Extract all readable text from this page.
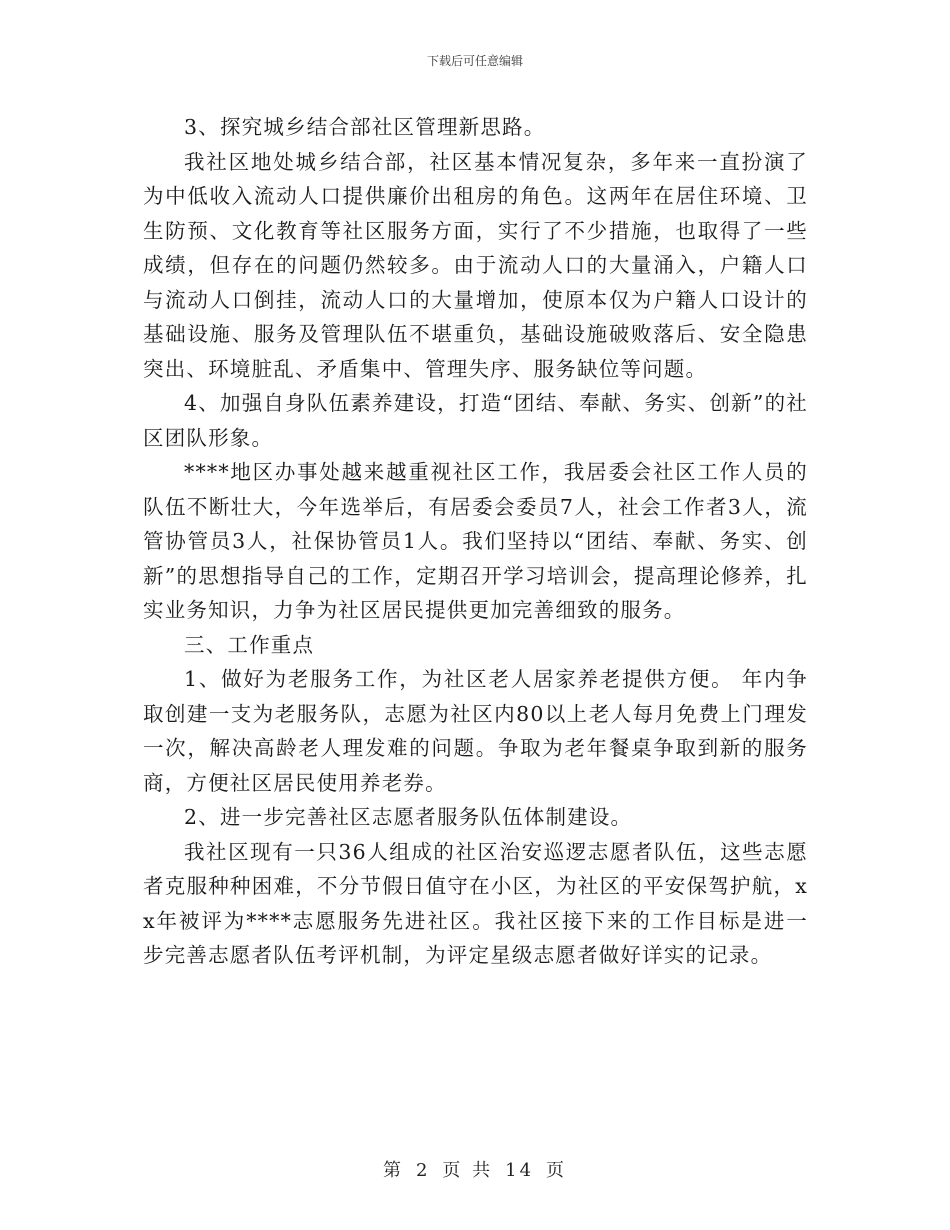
下载后可任意编辑

3、探究城乡结合部社区管理新思路。

我社区地处城乡结合部，社区基本情况复杂，多年来一直扮演了为中低收入流动人口提供廉价出租房的角色。这两年在居住环境、卫生防预、文化教育等社区服务方面，实行了不少措施，也取得了一些成绩，但存在的问题仍然较多。由于流动人口的大量涌入，户籍人口与流动人口倒挂，流动人口的大量增加，使原本仅为户籍人口设计的基础设施、服务及管理队伍不堪重负，基础设施破败落后、安全隐患突出、环境脏乱、矛盾集中、管理失序、服务缺位等问题。

4、加强自身队伍素养建设，打造“团结、奉献、务实、创新”的社区团队形象。

****地区办事处越来越重视社区工作，我居委会社区工作人员的队伍不断壮大，今年选举后，有居委会委员7人，社会工作者3人，流管协管员3人，社保协管员1人。我们坚持以“团结、奉献、务实、创新”的思想指导自己的工作，定期召开学习培训会，提高理论修养，扎实业务知识，力争为社区居民提供更加完善细致的服务。

三、工作重点

1、做好为老服务工作，为社区老人居家养老提供方便。 年内争取创建一支为老服务队，志愿为社区内80以上老人每月免费上门理发一次，解决高龄老人理发难的问题。争取为老年餐桌争取到新的服务商，方便社区居民使用养老券。

2、进一步完善社区志愿者服务队伍体制建设。

我社区现有一只36人组成的社区治安巡逻志愿者队伍，这些志愿者克服种种困难，不分节假日值守在小区，为社区的平安保驾护航，xx年被评为****志愿服务先进社区。我社区接下来的工作目标是进一步完善志愿者队伍考评机制，为评定星级志愿者做好详实的记录。

第 2 页 共 14 页
